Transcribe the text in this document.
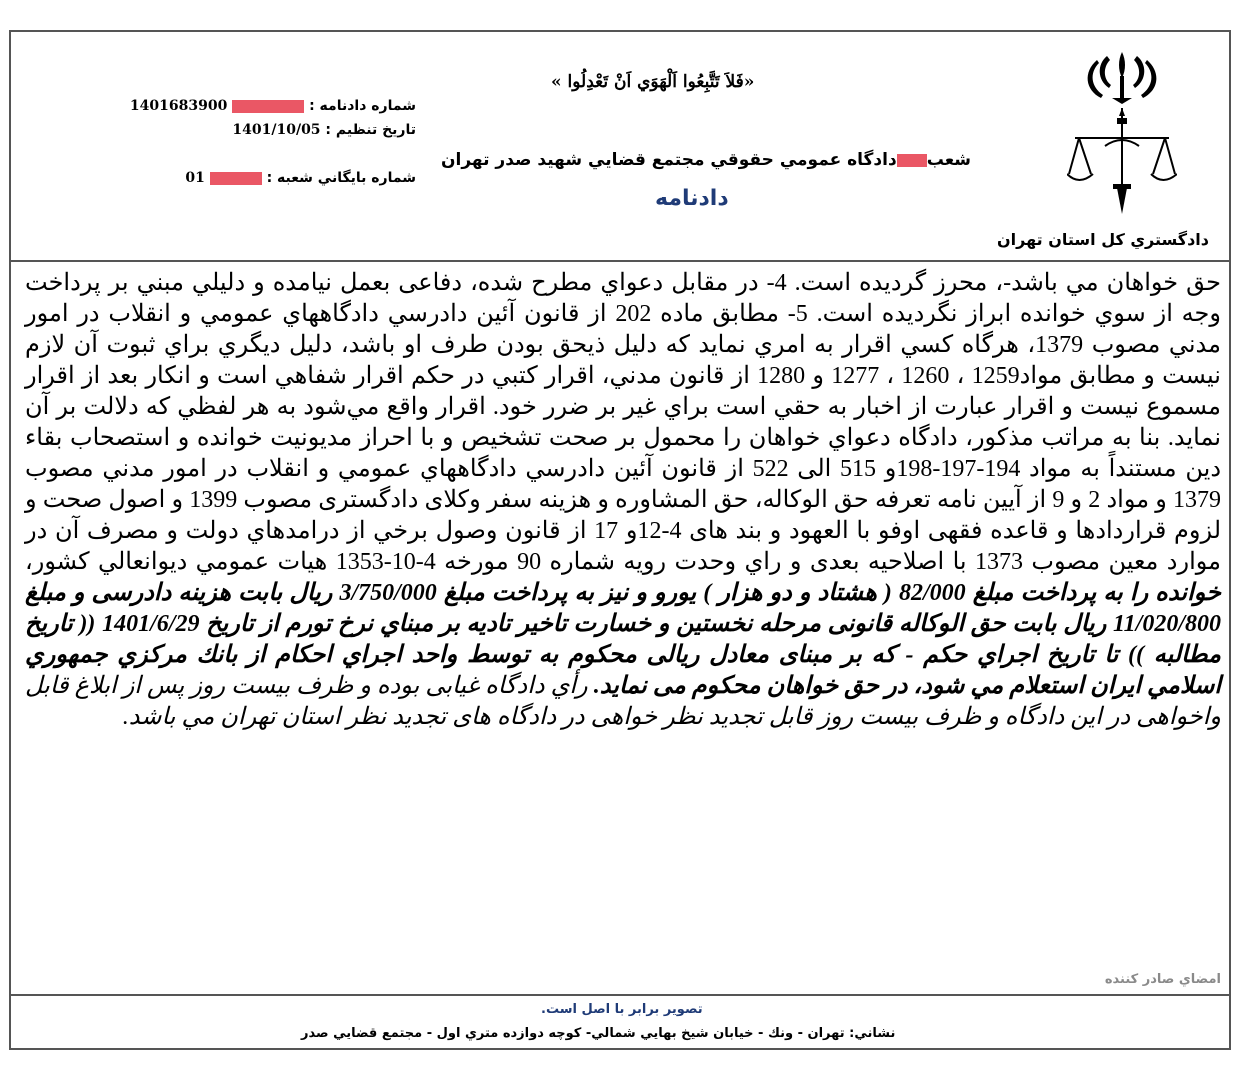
دادگستري كل استان تهران
«فَلاَ تَتَّبِعُوا اَلْهَوَي اَنْ تَعْدِلُوا »
شماره دادنامه :  1401683900
تاريخ تنظيم : 1401/10/05
شماره بايگاني شعبه :  01
شعبدادگاه عمومي حقوقي مجتمع قضايي شهيد صدر تهران
دادنامه

حق خواهان مي باشد-، محرز گرديده است. 4- در مقابل دعواي مطرح شده، دفاعی بعمل نيامده و دليلي مبني بر پرداخت وجه از سوي خوانده ابراز نگرديده است. 5- مطابق ماده 202 از قانون آئين دادرسي دادگاههاي عمومي و انقلاب در امور مدني مصوب 1379، هرگاه كسي اقرار به امري نمايد كه دليل ذيحق بودن طرف او باشد، دليل ديگري براي ثبوت آن لازم نيست و مطابق مواد1259 ، 1260 ، 1277 و 1280 از قانون مدني، اقرار كتبي در حكم اقرار شفاهي است و انكار بعد از اقرار مسموع نيست و اقرار عبارت از اخبار به حقي است براي غير بر ضرر خود. اقرار واقع مي‌شود به هر لفظي كه دلالت بر آن نمايد. بنا به مراتب مذكور، دادگاه دعواي خواهان را محمول بر صحت تشخيص و با احراز مديونيت خوانده و استصحاب بقاء دين مستنداً به مواد 194-197-198و 515 الی 522 از قانون آئين دادرسي دادگاههاي عمومي و انقلاب در امور مدني مصوب 1379 و مواد 2 و 9 از آيين نامه تعرفه حق الوكاله، حق المشاوره و هزينه سفر وكلای دادگستری مصوب 1399 و اصول صحت و لزوم قراردادها و قاعده فقهی اوفو با العهود و بند های 4-12و 17 از قانون وصول برخي از درامدهاي دولت و مصرف آن در موارد معين مصوب 1373 با اصلاحيه بعدی و راي وحدت رويه شماره 90 مورخه 4-10-1353 هيات عمومي ديوانعالي كشور، خوانده را به پرداخت مبلغ 82/000 ( هشتاد و دو هزار ) يورو و نيز به پرداخت مبلغ 3/750/000 ريال بابت هزينه دادرسی و مبلغ 11/020/800 ريال بابت حق الوكاله قانونی مرحله نخستين و خسارت تاخير تاديه بر مبناي نرخ تورم از تاريخ 1401/6/29 (( تاريخ مطالبه )) تا تاريخ اجراي حكم - كه بر مبنای معادل ريالی محكوم به توسط واحد اجراي احكام از بانك مركزي جمهوري اسلامي ايران استعلام مي شود، در حق خواهان محكوم می نمايد. رأي دادگاه غيابی بوده و ظرف بيست روز پس از ابلاغ قابل واخواهی در اين دادگاه و ظرف بيست روز قابل تجديد نظر خواهی در دادگاه های تجديد نظر استان تهران مي باشد.

امضاي صادر كننده
تصوير برابر با اصل است.
نشاني: تهران - ونك - خيابان شيخ بهايي شمالي- كوچه دوازده متري اول - مجتمع قضايي صدر
